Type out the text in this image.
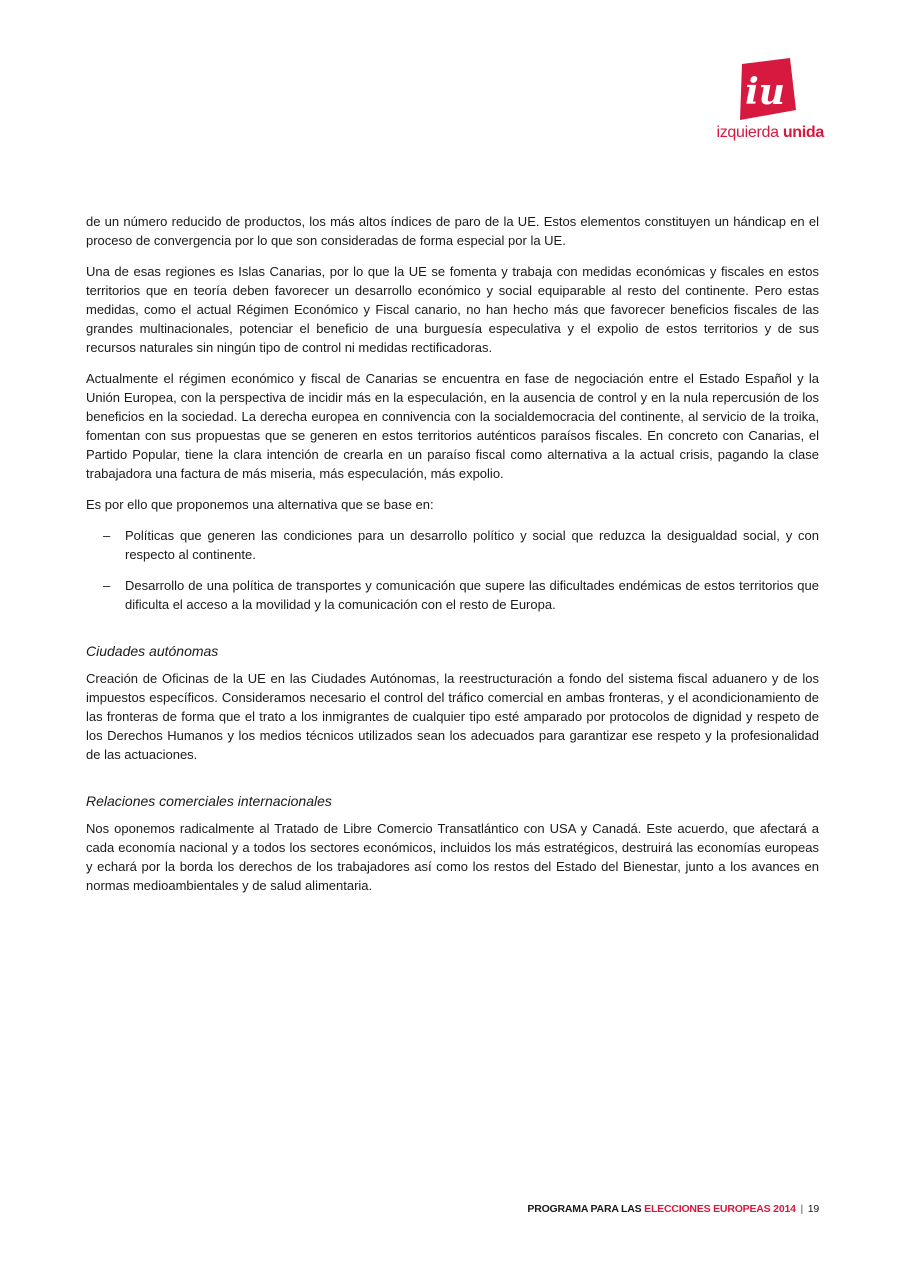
iu
izquierda unida

de un número reducido de productos, los más altos índices de paro de la UE. Estos elementos constituyen un hándicap en el proceso de convergencia por lo que son consideradas de forma especial por la UE.

Una de esas regiones es Islas Canarias, por lo que la UE se fomenta y trabaja con medidas económicas y fiscales en estos territorios que en teoría deben favorecer un desarrollo económico y social equiparable al resto del continente. Pero estas medidas, como el actual Régimen Económico y Fiscal canario, no han hecho más que favorecer beneficios fiscales de las grandes multinacionales, potenciar el beneficio de una burguesía especulativa y el expolio de estos territorios y de sus recursos naturales sin ningún tipo de control ni medidas rectificadoras.

Actualmente el régimen económico y fiscal de Canarias se encuentra en fase de negociación entre el Estado Español y la Unión Europea, con la perspectiva de incidir más en la especulación, en la ausencia de control y en la nula repercusión de los beneficios en la sociedad. La derecha europea en connivencia con la socialdemocracia del continente, al servicio de la troika, fomentan con sus propuestas que se generen en estos territorios auténticos paraísos fiscales. En concreto con Canarias, el Partido Popular, tiene la clara intención de crearla en un paraíso fiscal como alternativa a la actual crisis, pagando la clase trabajadora una factura de más miseria, más especulación, más expolio.

Es por ello que proponemos una alternativa que se base en:

– Políticas que generen las condiciones para un desarrollo político y social que reduzca la desigualdad social, y con respecto al continente.
– Desarrollo de una política de transportes y comunicación que supere las dificultades endémicas de estos territorios que dificulta el acceso a la movilidad y la comunicación con el resto de Europa.
Ciudades autónomas

Creación de Oficinas de la UE en las Ciudades Autónomas, la reestructuración a fondo del sistema fiscal aduanero y de los impuestos específicos. Consideramos necesario el control del tráfico comercial en ambas fronteras, y el acondicionamiento de las fronteras de forma que el trato a los inmigrantes de cualquier tipo esté amparado por protocolos de dignidad y respeto de los Derechos Humanos y los medios técnicos utilizados sean los adecuados para garantizar ese respeto y la profesionalidad de las actuaciones.

Relaciones comerciales internacionales

Nos oponemos radicalmente al Tratado de Libre Comercio Transatlántico con USA y Canadá. Este acuerdo, que afectará a cada economía nacional y a todos los sectores económicos, incluidos los más estratégicos, destruirá las economías europeas y echará por la borda los derechos de los trabajadores así como los restos del Estado del Bienestar, junto a los avances en normas medioambientales y de salud alimentaria.

PROGRAMA PARA LAS ELECCIONES EUROPEAS 2014 | 19
